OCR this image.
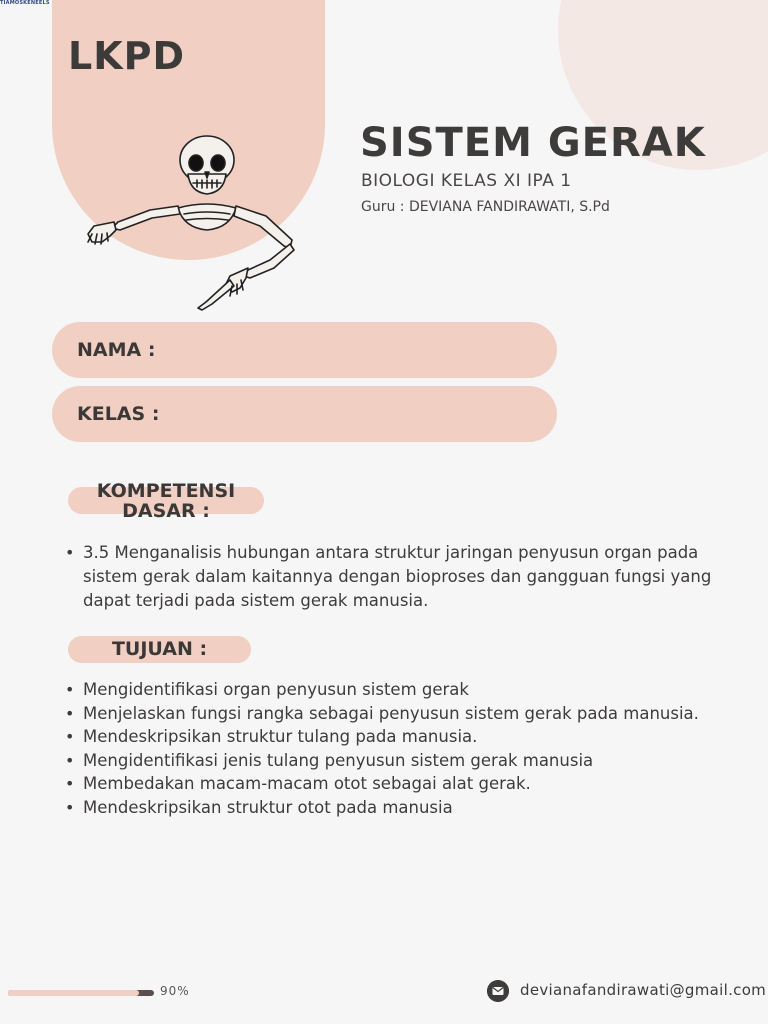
TIAMOSKENEELS
LKPD
SISTEM GERAK
BIOLOGI KELAS XI IPA 1
Guru : DEVIANA FANDIRAWATI, S.Pd
NAMA :
KELAS :
KOMPETENSI
DASAR :
• 3.5 Menganalisis hubungan antara struktur jaringan penyusun organ pada sistem gerak dalam kaitannya dengan bioproses dan gangguan fungsi yang dapat terjadi pada sistem gerak manusia.
TUJUAN :
• Mengidentifikasi organ penyusun sistem gerak
• Menjelaskan fungsi rangka sebagai penyusun sistem gerak pada manusia.
• Mendeskripsikan struktur tulang pada manusia.
• Mengidentifikasi jenis tulang penyusun sistem gerak manusia
• Membedakan macam-macam otot sebagai alat gerak.
• Mendeskripsikan struktur otot pada manusia
90%	devianafandirawati@gmail.com
